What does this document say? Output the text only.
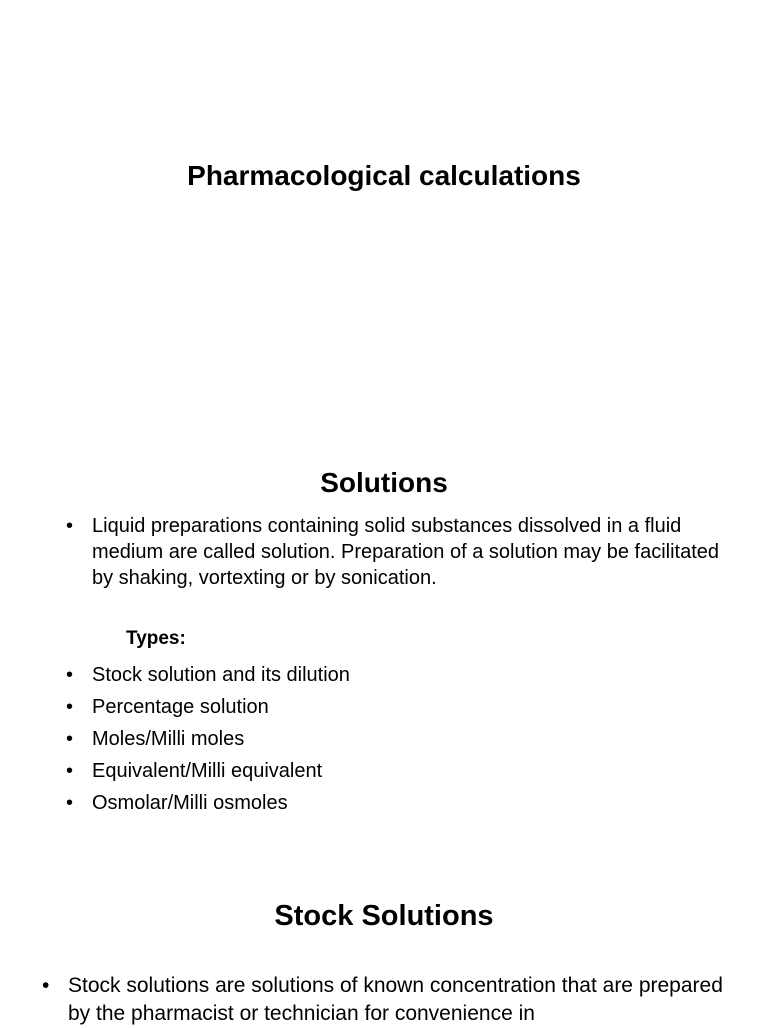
Pharmacological calculations
Solutions
• Liquid preparations containing solid substances dissolved in a fluid medium are called solution. Preparation of a solution may be facilitated by shaking, vortexting or by sonication.
Types:
• Stock solution and its dilution
• Percentage solution
• Moles/Milli moles
• Equivalent/Milli equivalent
• Osmolar/Milli osmoles
Stock Solutions
• Stock solutions are solutions of known concentration that are prepared by the pharmacist or technician for convenience in
